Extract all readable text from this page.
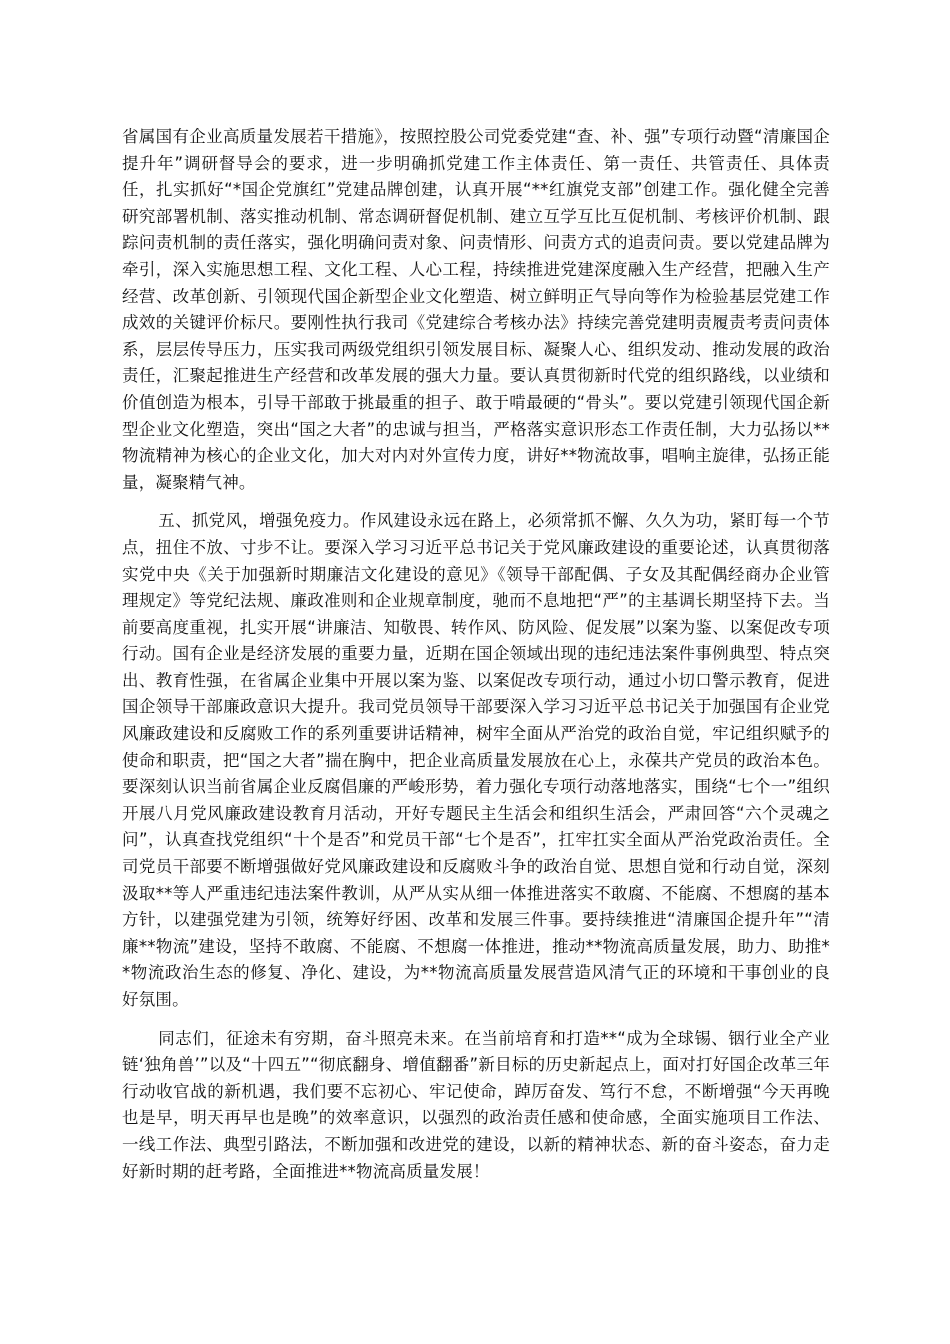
省属国有企业高质量发展若干措施》，按照控股公司党委党建“查、补、强”专项行动暨“清廉国企提升年”调研督导会的要求，进一步明确抓党建工作主体责任、第一责任、共管责任、具体责任，扎实抓好“*国企党旗红”党建品牌创建，认真开展“**红旗党支部”创建工作。强化健全完善研究部署机制、落实推动机制、常态调研督促机制、建立互学互比互促机制、考核评价机制、跟踪问责机制的责任落实，强化明确问责对象、问责情形、问责方式的追责问责。要以党建品牌为牵引，深入实施思想工程、文化工程、人心工程，持续推进党建深度融入生产经营，把融入生产经营、改革创新、引领现代国企新型企业文化塑造、树立鲜明正气导向等作为检验基层党建工作成效的关键评价标尺。要刚性执行我司《党建综合考核办法》持续完善党建明责履责考责问责体系，层层传导压力，压实我司两级党组织引领发展目标、凝聚人心、组织发动、推动发展的政治责任，汇聚起推进生产经营和改革发展的强大力量。要认真贯彻新时代党的组织路线，以业绩和价值创造为根本，引导干部敢于挑最重的担子、敢于啃最硬的“骨头”。要以党建引领现代国企新型企业文化塑造，突出“国之大者”的忠诚与担当，严格落实意识形态工作责任制，大力弘扬以**物流精神为核心的企业文化，加大对内对外宣传力度，讲好**物流故事，唱响主旋律，弘扬正能量，凝聚精气神。

五、抓党风，增强免疫力。作风建设永远在路上，必须常抓不懈、久久为功，紧盯每一个节点，扭住不放、寸步不让。要深入学习习近平总书记关于党风廉政建设的重要论述，认真贯彻落实党中央《关于加强新时期廉洁文化建设的意见》《领导干部配偶、子女及其配偶经商办企业管理规定》等党纪法规、廉政准则和企业规章制度，驰而不息地把“严”的主基调长期坚持下去。当前要高度重视，扎实开展“讲廉洁、知敬畏、转作风、防风险、促发展”以案为鉴、以案促改专项行动。国有企业是经济发展的重要力量，近期在国企领域出现的违纪违法案件事例典型、特点突出、教育性强，在省属企业集中开展以案为鉴、以案促改专项行动，通过小切口警示教育，促进国企领导干部廉政意识大提升。我司党员领导干部要深入学习习近平总书记关于加强国有企业党风廉政建设和反腐败工作的系列重要讲话精神，树牢全面从严治党的政治自觉，牢记组织赋予的使命和职责，把“国之大者”揣在胸中，把企业高质量发展放在心上，永葆共产党员的政治本色。要深刻认识当前省属企业反腐倡廉的严峻形势，着力强化专项行动落地落实，围绕“七个一”组织开展八月党风廉政建设教育月活动，开好专题民主生活会和组织生活会，严肃回答“六个灵魂之问”，认真查找党组织“十个是否”和党员干部“七个是否”，扛牢扛实全面从严治党政治责任。全司党员干部要不断增强做好党风廉政建设和反腐败斗争的政治自觉、思想自觉和行动自觉，深刻汲取**等人严重违纪违法案件教训，从严从实从细一体推进落实不敢腐、不能腐、不想腐的基本方针，以建强党建为引领，统筹好纾困、改革和发展三件事。要持续推进“清廉国企提升年”“清廉**物流”建设，坚持不敢腐、不能腐、不想腐一体推进，推动**物流高质量发展，助力、助推**物流政治生态的修复、净化、建设，为**物流高质量发展营造风清气正的环境和干事创业的良好氛围。

同志们，征途未有穷期，奋斗照亮未来。在当前培育和打造**“成为全球锡、铟行业全产业链‘独角兽’”以及“十四五”“彻底翻身、增值翻番”新目标的历史新起点上，面对打好国企改革三年行动收官战的新机遇，我们要不忘初心、牢记使命，踔厉奋发、笃行不怠，不断增强“今天再晚也是早，明天再早也是晚”的效率意识，以强烈的政治责任感和使命感，全面实施项目工作法、一线工作法、典型引路法，不断加强和改进党的建设，以新的精神状态、新的奋斗姿态，奋力走好新时期的赶考路，全面推进**物流高质量发展！
